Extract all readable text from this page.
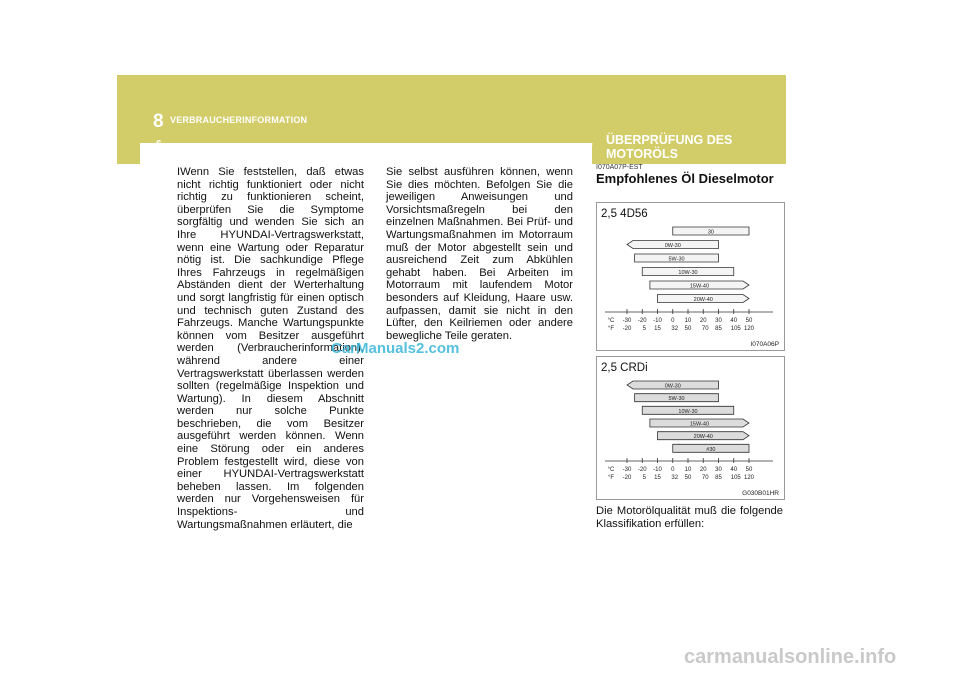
8 VERBRAUCHERINFORMATION
6	ÜBERPRÜFUNG DES MOTORÖLS

IWenn Sie feststellen, daß etwas nicht richtig funktioniert oder nicht richtig zu funktionieren scheint, überprüfen Sie die Symptome sorgfältig und wenden Sie sich an Ihre HYUNDAI-Vertragswerkstatt, wenn eine Wartung oder Reparatur nötig ist. Die sachkundige Pflege Ihres Fahrzeugs in regelmäßigen Abständen dient der Werterhaltung und sorgt langfristig für einen optisch und technisch guten Zustand des Fahrzeugs. Manche Wartungspunkte können vom Besitzer ausgeführt werden (Verbraucherinformation), während andere einer Vertragswerkstatt überlassen werden sollten (regelmäßige Inspektion und Wartung). In diesem Abschnitt werden nur solche Punkte beschrieben, die vom Besitzer ausgeführt werden können. Wenn eine Störung oder ein anderes Problem festgestellt wird, diese von einer HYUNDAI-Vertragswerkstatt beheben lassen. Im folgenden werden nur Vorgehensweisen für Inspektions- und Wartungsmaßnahmen erläutert, die

Sie selbst ausführen können, wenn Sie dies möchten. Befolgen Sie die jeweiligen Anweisungen und Vorsichtsmaßregeln bei den einzelnen Maßnahmen. Bei Prüf- und Wartungsmaßnahmen im Motorraum muß der Motor abgestellt sein und ausreichend Zeit zum Abkühlen gehabt haben. Bei Arbeiten im Motorraum mit laufendem Motor besonders auf Kleidung, Haare usw. aufpassen, damit sie nicht in den Lüfter, den Keilriemen oder andere bewegliche Teile geraten.

I070A07P-EST
Empfohlenes Öl Dieselmotor
2,5 4D56
30
0W-30
5W-30
10W-30
15W-40
20W-40
°C -30 -20 -10 0 10 20 30 40 50
°F -20 5 15 32 50 70 85 105 120
I070A06P
2,5 CRDi
0W-30
5W-30
10W-30
15W-40
20W-40
#30
°C -30 -20 -10 0 10 20 30 40 50
°F -20 5 15 32 50 70 85 105 120
G030B01HR

Die Motorölqualität muß die folgende Klassifikation erfüllen:

CarManuals2.com
carmanualsonline.info
